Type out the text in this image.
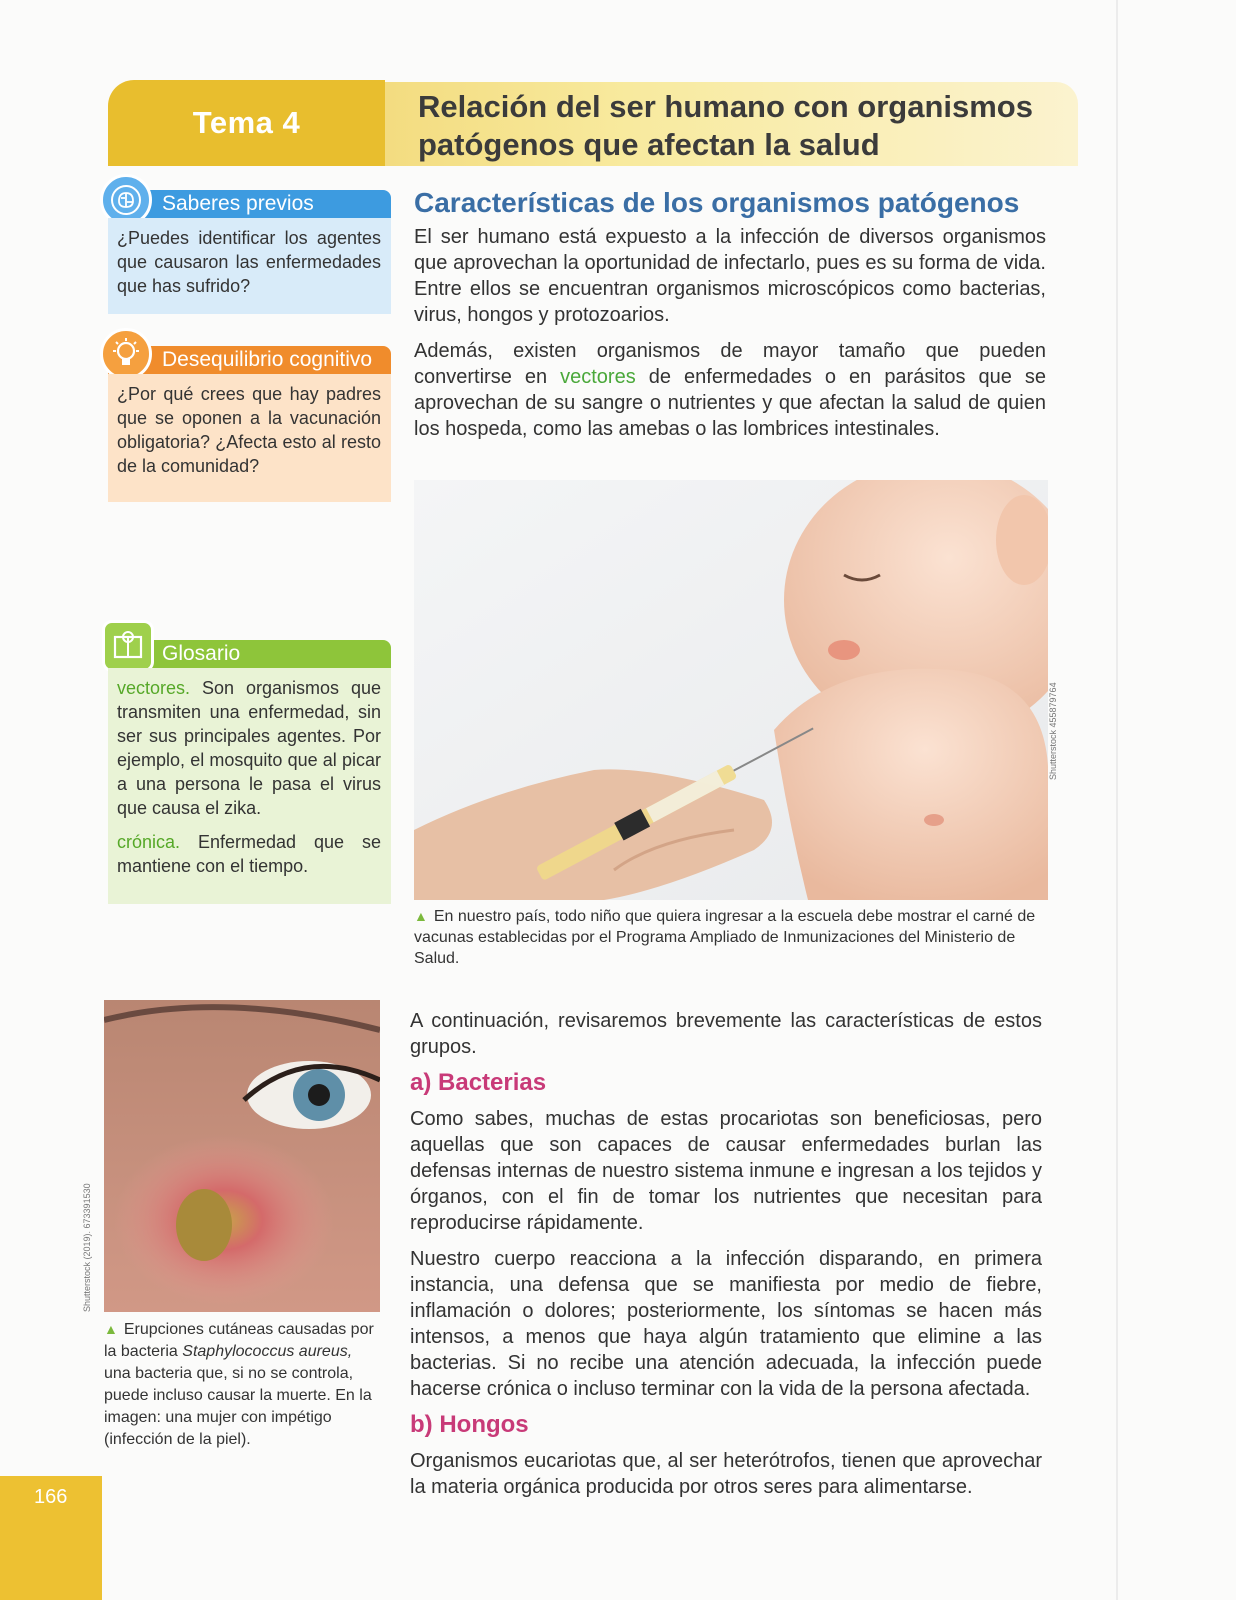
Tema 4	Relación del ser humano con organismos patógenos que afectan la salud
Saberes previos
¿Puedes identificar los agentes que causaron las enfermedades que has sufrido?
Desequilibrio cognitivo
¿Por qué crees que hay padres que se oponen a la vacunación obligatoria? ¿Afecta esto al resto de la comunidad?
Glosario

vectores. Son organismos que transmiten una enfermedad, sin ser sus principales agentes. Por ejemplo, el mosquito que al picar a una persona le pasa el virus que causa el zika.

crónica. Enfermedad que se mantiene con el tiempo.

Características de los organismos patógenos

El ser humano está expuesto a la infección de diversos organismos que aprovechan la oportunidad de infectarlo, pues es su forma de vida. Entre ellos se encuentran organismos microscópicos como bacterias, virus, hongos y protozoarios.

Además, existen organismos de mayor tamaño que pueden convertirse en vectores de enfermedades o en parásitos que se aprovechan de su sangre o nutrientes y que afectan la salud de quien los hospeda, como las amebas o las lombrices intestinales.

Shutterstock 455879764

▲ En nuestro país, todo niño que quiera ingresar a la escuela debe mostrar el carné de vacunas establecidas por el Programa Ampliado de Inmunizaciones del Ministerio de Salud.

Shutterstock (2019). 673391530

▲ Erupciones cutáneas causadas por la bacteria Staphylococcus aureus, una bacteria que, si no se controla, puede incluso causar la muerte. En la imagen: una mujer con impétigo (infección de la piel).

A continuación, revisaremos brevemente las características de estos grupos.

a) Bacterias

Como sabes, muchas de estas procariotas son beneficiosas, pero aquellas que son capaces de causar enfermedades burlan las defensas internas de nuestro sistema inmune e ingresan a los tejidos y órganos, con el fin de tomar los nutrientes que necesitan para reproducirse rápidamente.

Nuestro cuerpo reacciona a la infección disparando, en primera instancia, una defensa que se manifiesta por medio de fiebre, inflamación o dolores; posteriormente, los síntomas se hacen más intensos, a menos que haya algún tratamiento que elimine a las bacterias. Si no recibe una atención adecuada, la infección puede hacerse crónica o incluso terminar con la vida de la persona afectada.

b) Hongos

Organismos eucariotas que, al ser heterótrofos, tienen que aprovechar la materia orgánica producida por otros seres para alimentarse.

166
